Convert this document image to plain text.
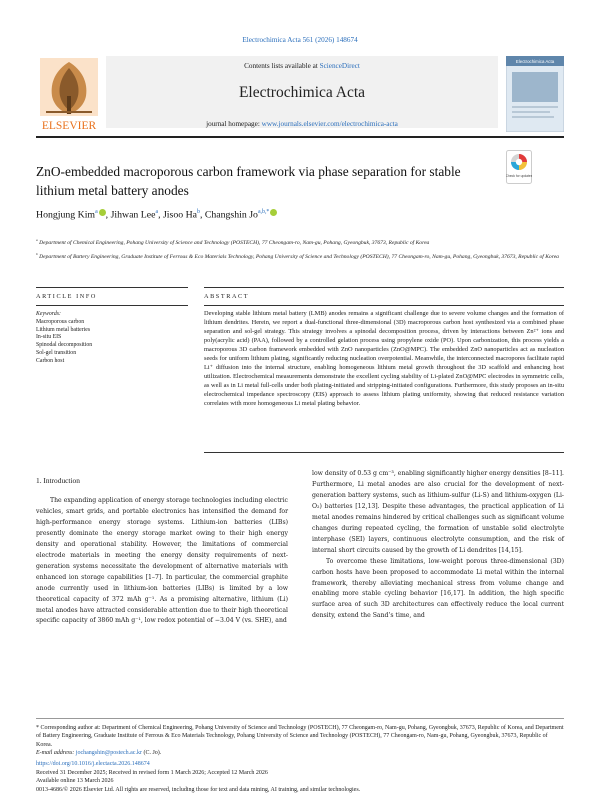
Electrochimica Acta 561 (2026) 148674
ELSEVIER
Contents lists available at ScienceDirect
Electrochimica Acta
journal homepage: www.journals.elsevier.com/electrochimica-acta
Electrochimica Acta
ZnO-embedded macroporous carbon framework via phase separation for stable lithium metal battery anodes
Check for updates
Hongjung Kim$^a$ , Jihwan Lee$^a$, Jisoo Ha$^b$, Changshin $Jo^{a,b,*}$
$^a$ Department of Chemical Engineering, Pohang University of Science and Technology (POSTECH), 77 Cheongam-ro, Nam-gu, Pohang, Gyeongbuk, 37673, Republic of Korea
$^b$ Department of Battery Engineering, Graduate Institute of Ferrous & Eco Materials Technology, Pohang University of Science and Technology (POSTECH), 77 Cheongam-ro, Nam-gu, Pohang, Gyeongbuk, 37673, Republic of Korea
ARTICLE INFO	ABSTRACT
Keywords:
Macroporous carbon
Lithium metal batteries
In-situ EIS
Spinodal decomposition
Sol-gel transition
Carbon host
Developing stable lithium metal battery (LMB) anodes remains a significant challenge due to severe volume changes and the formation of lithium dendrites. Herein, we report a dual-functional three-dimensional (3D) macroporous carbon host synthesized via a combined phase separation and sol-gel strategy. This strategy involves a spinodal decomposition process, driven by interactions between Zn²⁺ ions and poly(acrylic acid) (PAA), followed by a controlled gelation process using propylene oxide (PO). Upon carbonization, this process yields a macroporous 3D carbon framework embedded with ZnO nanoparticles (ZnO@MPC). The embedded ZnO nanoparticles act as nucleation seeds for uniform lithium plating, significantly reducing nucleation overpotential. Meanwhile, the interconnected macropores facilitate rapid Li⁺ diffusion into the internal structure, enabling homogeneous lithium metal growth throughout the 3D scaffold and enhancing host utilization. Electrochemical measurements demonstrate the excellent cycling stability of Li-plated ZnO@MPC electrodes in symmetric cells, as well as in Li metal full-cells under both plating-initiated and stripping-initiated configurations. Furthermore, this study proposes an in-situ electrochemical impedance spectroscopy (EIS) approach to assess lithium plating uniformity, showing that reduced resistance variation correlates with more homogeneous Li metal plating behavior.
1. Introduction

The expanding application of energy storage technologies including electric vehicles, smart grids, and portable electronics has intensified the demand for high-performance energy storage systems. Lithium-ion batteries (LIBs) presently dominate the energy storage market owing to their high energy density and operational stability. However, the limitations of commercial electrode materials in meeting the energy density requirements of next-generation systems necessitate the development of alternative materials with enhanced ion storage capabilities [1–7]. In particular, the commercial graphite anode currently used in lithium-ion batteries (LIBs) is limited by a low theoretical capacity of 372 mAh g⁻¹. As a promising alternative, lithium (Li) metal anodes have attracted considerable attention due to their high theoretical specific capacity of 3860 mAh g⁻¹, low redox potential of −3.04 V (vs. SHE), and

low density of 0.53 g cm⁻³, enabling significantly higher energy densities [8–11]. Furthermore, Li metal anodes are also crucial for the development of next-generation battery systems, such as lithium-sulfur (Li-S) and lithium-oxygen (Li-O₂) batteries [12,13]. Despite these advantages, the practical application of Li metal anodes remains hindered by critical challenges such as significant volume changes during repeated cycling, the formation of unstable solid electrolyte interphase (SEI) layers, continuous electrolyte consumption, and the risk of internal short circuits caused by the growth of Li dendrites [14,15].

To overcome these limitations, low-weight porous three-dimensional (3D) carbon hosts have been proposed to accommodate Li metal within the internal framework, thereby alleviating mechanical stress from volume change and enabling more stable cycling behavior [16,17]. In addition, the high specific surface area of such 3D architectures can effectively reduce the local current density, extend the Sand’s time, and

* Corresponding author at: Department of Chemical Engineering, Pohang University of Science and Technology (POSTECH), 77 Cheongam-ro, Nam-gu, Pohang, Gyeongbuk, 37673, Republic of Korea, and Department of Battery Engineering, Graduate Institute of Ferrous & Eco Materials Technology, Pohang University of Science and Technology (POSTECH), 77 Cheongam-ro, Nam-gu, Pohang, Gyeongbuk, 37673, Republic of Korea.
E-mail address: jochangshin@postech.ac.kr (C. Jo).
https://doi.org/10.1016/j.electacta.2026.148674
Received 31 December 2025; Received in revised form 1 March 2026; Accepted 12 March 2026
Available online 13 March 2026
0013-4686/© 2026 Elsevier Ltd. All rights are reserved, including those for text and data mining, AI training, and similar technologies.
